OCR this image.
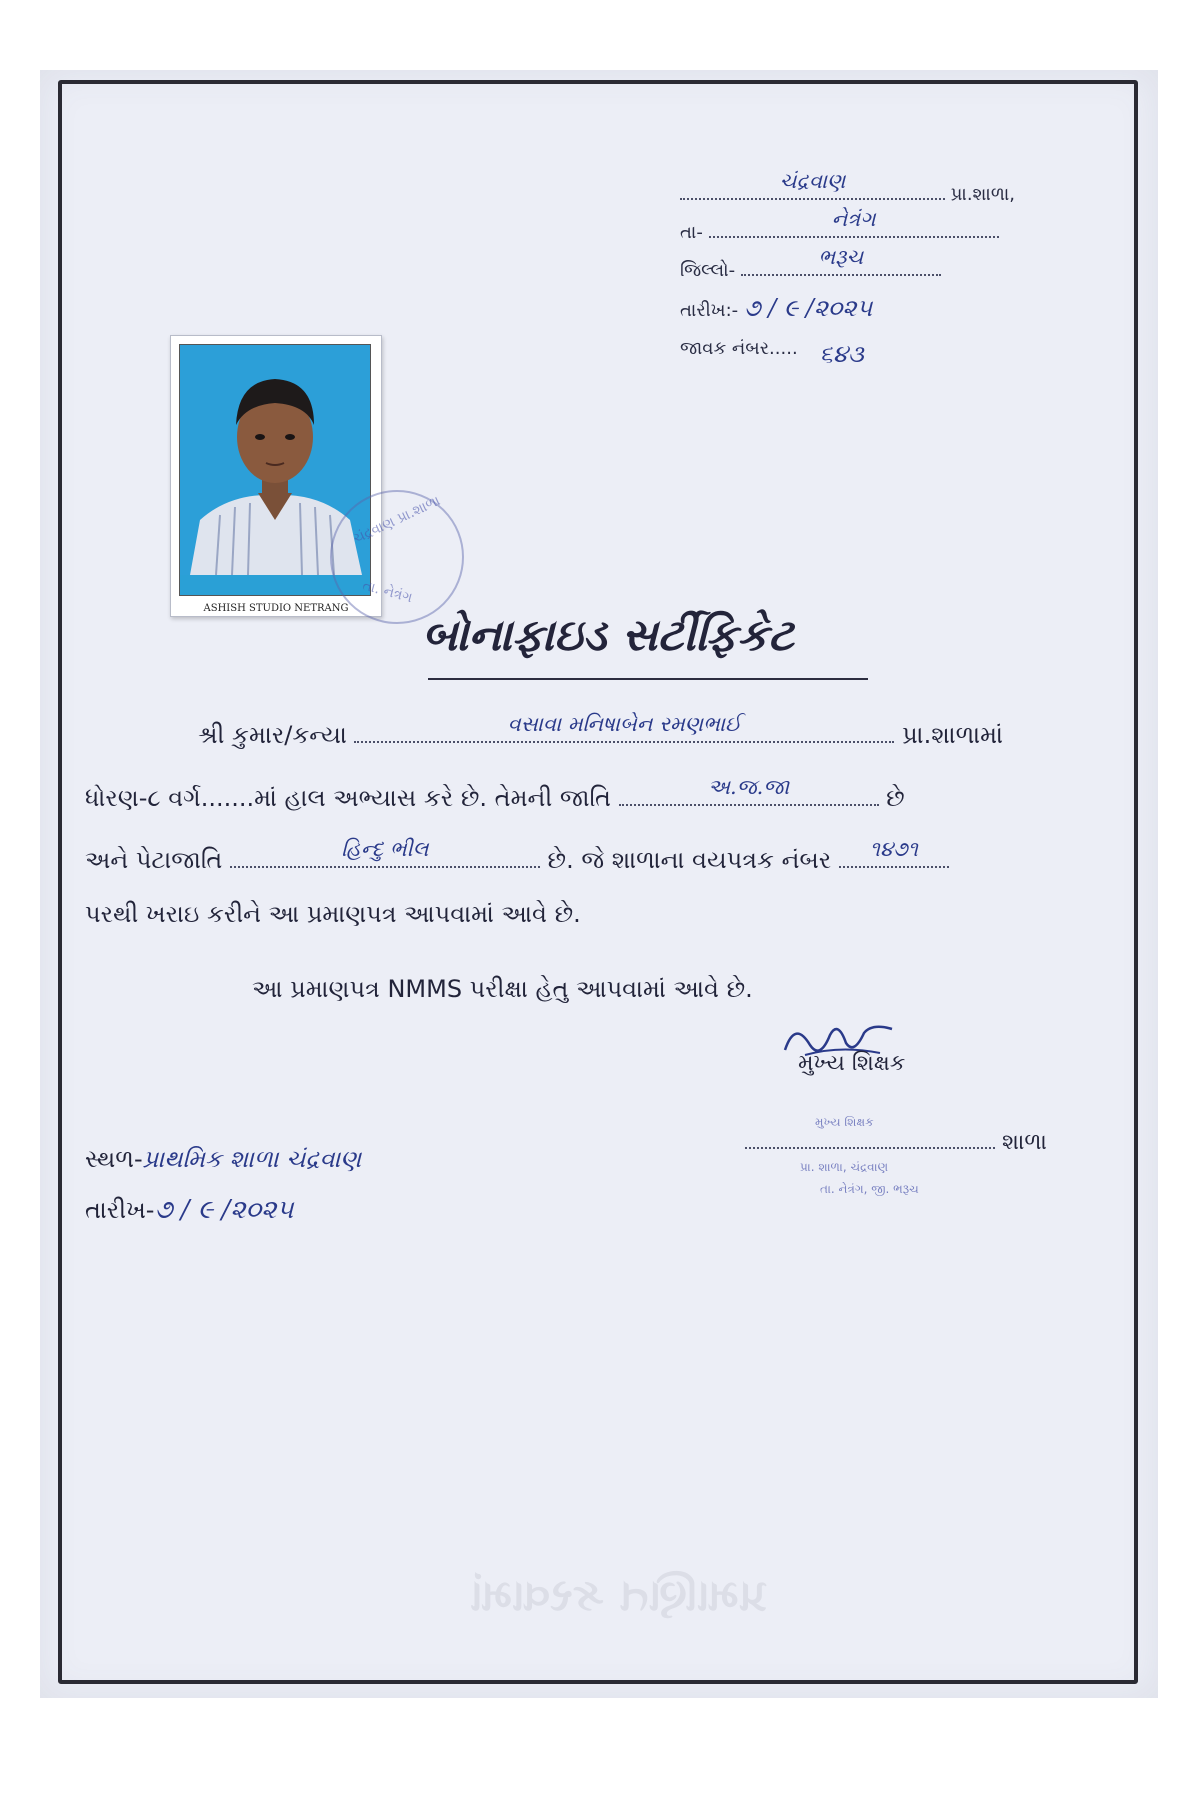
પ્રમાણિત કરવામાં
ચંદ્રવાણ
પ્રા.શાળા,
તા-
નેત્રંગ
જિલ્લો-
ભરૂચ
તારીખ:- ૭ / ૯ /૨૦૨૫
જાવક નંબર..... ૬૪૩
ASHISH STUDIO NETRANG
ચંદ્રવાણ પ્રા.શાળા
તા. નેત્રંગ
બોનાફાઇડ સર્ટીફિકેટ
શ્રી કુમાર/કન્યા	વસાવા મનિષાબેન રમણભાઈ	પ્રા.શાળામાં
ધોરણ-૮ વર્ગ.......માં હાલ અભ્યાસ કરે છે. તેમની જાતિ	અ.જ.જા	છે
અને પેટાજાતિ	હિન્દુ ભીલ	છે. જે શાળાના વયપત્રક નંબર ૧૪૭૧
પરથી ખરાઇ કરીને આ પ્રમાણપત્ર આપવામાં આવે છે.
આ પ્રમાણપત્ર NMMS પરીક્ષા હેતુ આપવામાં આવે છે.
મુખ્ય શિક્ષક
મુખ્ય શિક્ષક
શાળા
પ્રા. શાળા, ચંદ્રવાણ
તા. નેત્રંગ, જી. ભરૂચ
સ્થળ-પ્રાથમિક શાળા ચંદ્રવાણ
તારીખ-૭ / ૯ /૨૦૨૫
